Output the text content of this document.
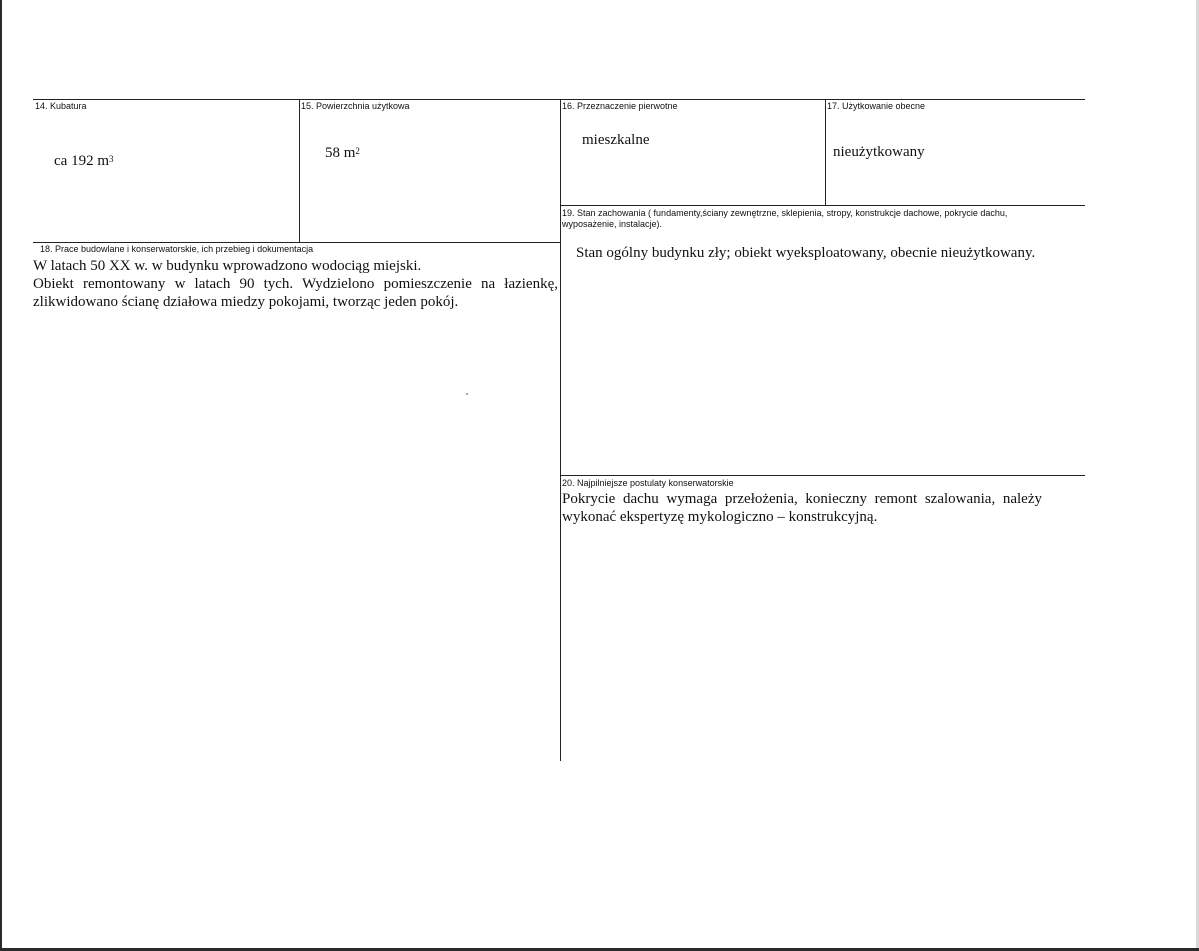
14. Kubatura
ca 192 $m^3$
15. Powierzchnia użytkowa
58 $m^2$
16. Przeznaczenie pierwotne
mieszkalne
17. Użytkowanie obecne
nieużytkowany
19. Stan zachowania ( fundamenty,ściany zewnętrzne, sklepienia, stropy, konstrukcje dachowe, pokrycie dachu,
wyposażenie, instalacje).
Stan ogólny budynku zły; obiekt wyeksploatowany, obecnie nieużytkowany.
18. Prace budowlane i konserwatorskie, ich przebieg i dokumentacja

W latach 50 XX w. w budynku wprowadzono wodociąg miejski.

Obiekt remontowany w latach 90 tych. Wydzielono pomieszczenie na łazienkę,

zlikwidowano ścianę działowa miedzy pokojami, tworząc jeden pokój.

20. Najpilniejsze postulaty konserwatorskie

Pokrycie dachu wymaga przełożenia, konieczny remont szalowania, należy

wykonać ekspertyzę mykologiczno – konstrukcyjną.
